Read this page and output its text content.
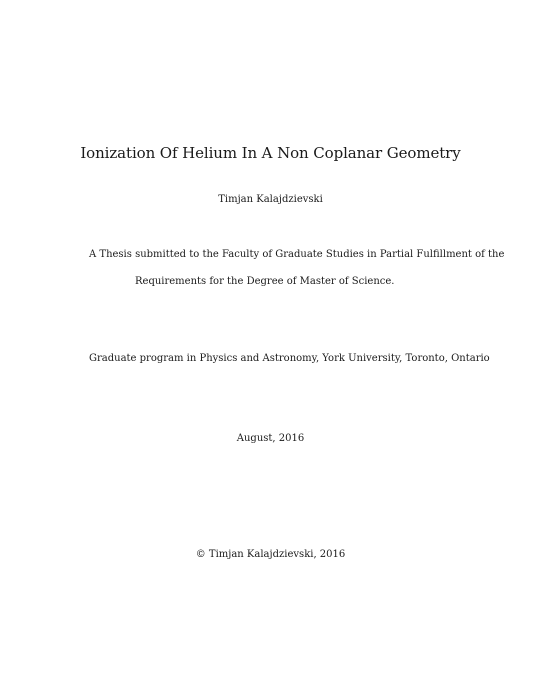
Ionization Of Helium In A Non Coplanar Geometry
Timjan Kalajdzievski
A Thesis submitted to the Faculty of Graduate Studies in Partial Fulfillment of the
Requirements for the Degree of Master of Science.
Graduate program in Physics and Astronomy, York University, Toronto, Ontario
August, 2016
© Timjan Kalajdzievski, 2016
